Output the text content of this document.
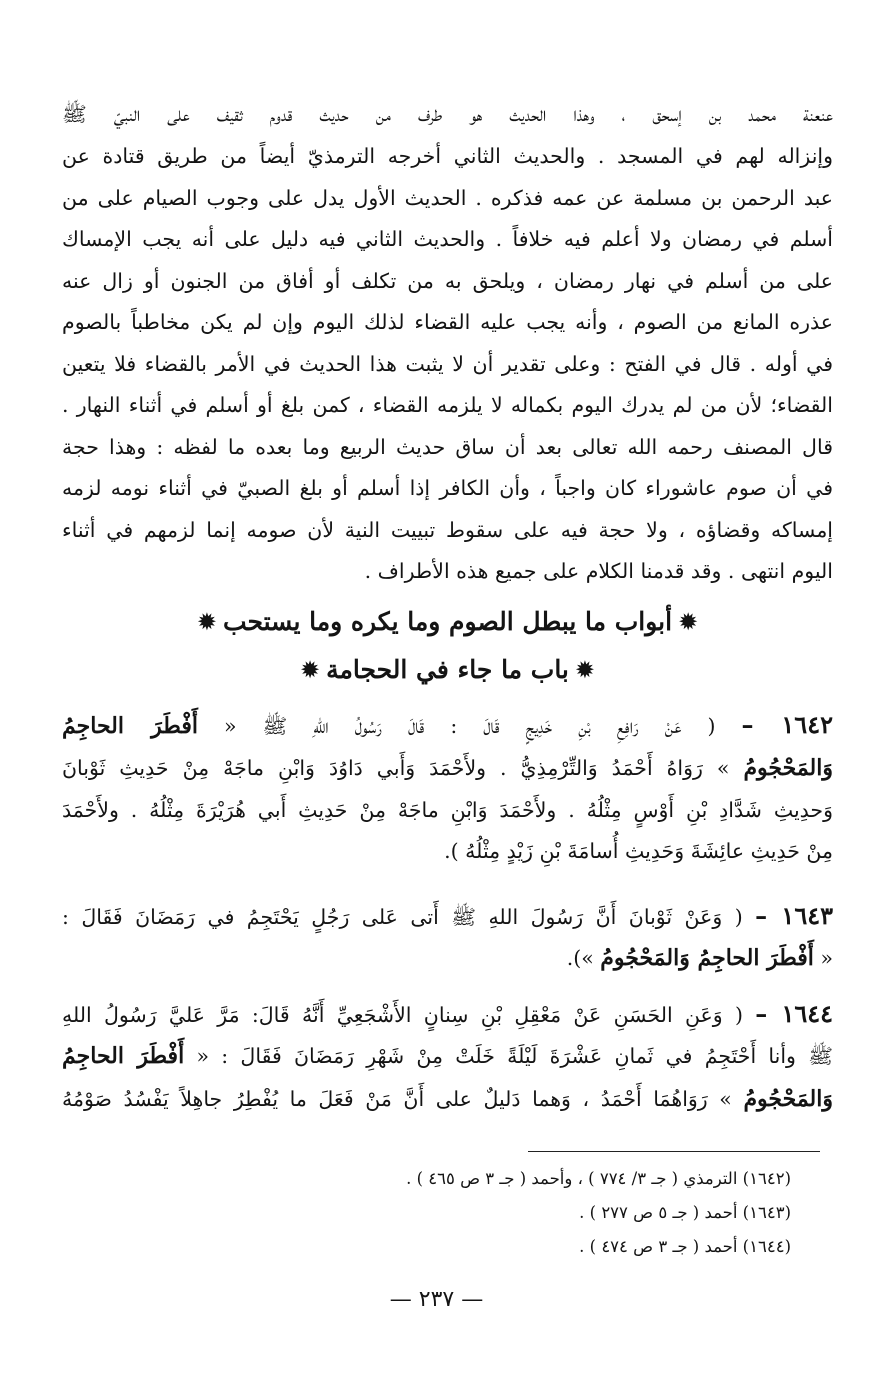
عنعنة محمد بن إسحق ، وهذا الحديث هو طرف من حديث قدوم ثقيف على النبيّ ﷺ
وإنزاله لهم في المسجد . والحديث الثاني أخرجه الترمذيّ أيضاً من طريق قتادة عن
عبد الرحمن بن مسلمة عن عمه فذكره . الحديث الأول يدل على وجوب الصيام على من
أسلم في رمضان ولا أعلم فيه خلافاً . والحديث الثاني فيه دليل على أنه يجب الإمساك
على من أسلم في نهار رمضان ، ويلحق به من تكلف أو أفاق من الجنون أو زال عنه
عذره المانع من الصوم ، وأنه يجب عليه القضاء لذلك اليوم وإن لم يكن مخاطباً بالصوم
في أوله . قال في الفتح : وعلى تقدير أن لا يثبت هذا الحديث في الأمر بالقضاء فلا يتعين
القضاء؛ لأن من لم يدرك اليوم بكماله لا يلزمه القضاء ، كمن بلغ أو أسلم في أثناء النهار .
قال المصنف رحمه الله تعالى بعد أن ساق حديث الربيع وما بعده ما لفظه : وهذا حجة
في أن صوم عاشوراء كان واجباً ، وأن الكافر إذا أسلم أو بلغ الصبيّ في أثناء نومه لزمه
إمساكه وقضاؤه ، ولا حجة فيه على سقوط تبييت النية لأن صومه إنما لزمهم في أثناء
اليوم انتهى . وقد قدمنا الكلام على جميع هذه الأطراف .
✹أبواب ما يبطل الصوم وما يكره وما يستحب✹
✹باب ما جاء في الحجامة✹
١٦٤٢ – ( عَنْ رَافِعِ بْنِ خَدِيجٍ قَالَ : قَالَ رَسُولُ اللهِ ﷺ « أَفْطَرَ الحاجِمُ
وَالمَحْجُومُ » رَوَاهُ أَحْمَدُ وَالتِّرْمِذِيُّ . ولأَحْمَدَ وَأَبي دَاوُدَ وَابْنِ ماجَهْ مِنْ حَدِيثِ ثَوْبانَ
وَحدِيثِ شَدَّادِ بْنِ أَوْسٍ مِثْلُهُ . ولأَحْمَدَ وَابْنِ ماجَهْ مِنْ حَدِيثِ أَبي هُرَيْرَةَ مِثْلُهُ . ولأَحْمَدَ
مِنْ حَدِيثِ عائِشَةَ وَحَدِيثِ أُسامَةَ بْنِ زَيْدٍ مِثْلُهُ ).
١٦٤٣ – ( وَعَنْ ثَوْبانَ أَنَّ رَسُولَ اللهِ ﷺ أَتى عَلى رَجُلٍ يَحْتَجِمُ في رَمَضَانَ فَقَالَ :
« أَفْطَرَ الحاجِمُ وَالمَحْجُومُ »).
١٦٤٤ – ( وَعَنِ الحَسَنِ عَنْ مَعْقِلِ بْنِ سِنانٍ الأَشْجَعِيِّ أَنَّهُ قَالَ: مَرَّ عَليَّ رَسُولُ اللهِ
ﷺ وأنا أَحْتَجِمُ في ثَمانِ عَشْرَةَ لَيْلَةً خَلَتْ مِنْ شَهْرِ رَمَضَانَ فَقَالَ : « أَفْطَرَ الحاجِمُ
وَالمَحْجُومُ » رَوَاهُمَا أَحْمَدُ ، وَهما دَليلٌ على أَنَّ مَنْ فَعَلَ ما يُفْطِرُ جاهِلاً يَفْسُدُ صَوْمُهُ
(١٦٤٢) الترمذي ( جـ ٣/ ٧٧٤ ) ، وأحمد ( جـ ٣ ص ٤٦٥ ) .
(١٦٤٣) أحمد ( جـ ٥ ص ٢٧٧ ) .
(١٦٤٤) أحمد ( جـ ٣ ص ٤٧٤ ) .
— ٢٣٧ —
